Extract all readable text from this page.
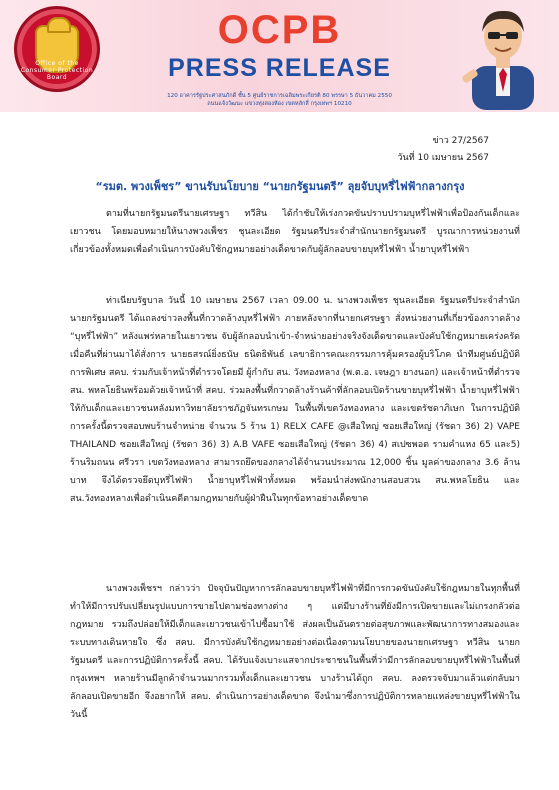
Office of the Consumer Protection Board
OCPB
PRESS RELEASE
120 อาคารรัฐประศาสนภักดี ชั้น 5 ศูนย์ราชการเฉลิมพระเกียรติ 80 พรรษา 5 ธันวาคม 2550
ถนนแจ้งวัฒนะ แขวงทุ่งสองห้อง เขตหลักสี่ กรุงเทพฯ 10210
ข่าว 27/2567
วันที่ 10 เมษายน 2567
“รมต. พวงเพ็ชร” ขานรับนโยบาย “นายกรัฐมนตรี” ลุยจับบุหรี่ไฟฟ้ากลางกรุง

ตามที่นายกรัฐมนตรีนายเศรษฐา ทวีสิน ได้กำชับให้เร่งกวดขันปราบปรามบุหรี่ไฟฟ้าเพื่อป้องกันเด็กและเยาวชน โดยมอบหมายให้นางพวงเพ็ชร ชุนละเอียด รัฐมนตรีประจำสำนักนายกรัฐมนตรี บูรณาการหน่วยงานที่เกี่ยวข้องทั้งหมดเพื่อดำเนินการบังคับใช้กฎหมายอย่างเด็ดขาดกับผู้ลักลอบขายบุหรี่ไฟฟ้า น้ำยาบุหรี่ไฟฟ้า

ท่าเนียบรัฐบาล วันนี้ 10 เมษายน 2567 เวลา 09.00 น. นางพวงเพ็ชร ชุนละเอียด รัฐมนตรีประจำสำนักนายกรัฐมนตรี ได้แถลงข่าวลงพื้นที่กวาดล้างบุหรี่ไฟฟ้า ภายหลังจากที่นายกเศรษฐา สั่งหน่วยงานที่เกี่ยวข้องกวาดล้าง “บุหรี่ไฟฟ้า” หลังแพร่หลายในเยาวชน จับผู้ลักลอบนำเข้า-จำหน่ายอย่างจริงจังเด็ดขาดและบังคับใช้กฎหมายเคร่งครัด เมื่อคืนที่ผ่านมาได้สั่งการ นายธสรณ์ยิ่งธนัษ ธนิตธิพันธ์ เลขาธิการคณะกรรมการคุ้มครองผู้บริโภค นำทีมศูนย์ปฏิบัติการพิเศษ สคบ. ร่วมกับเจ้าหน้าที่ตำรวจโดยมี ผู้กำกับ สน. วังทองหลาง (พ.ต.อ. เจษฎา ยางนอก) และเจ้าหน้าที่ตำรวจ สน. พหลโยธินพร้อมด้วยเจ้าหน้าที่ สคบ. ร่วมลงพื้นที่กวาดล้างร้านค้าที่ลักลอบเปิดร้านขายบุหรี่ไฟฟ้า น้ำยาบุหรี่ไฟฟ้าให้กับเด็กและเยาวชนหลังมหาวิทยาลัยราชภัฏจันทรเกษม ในพื้นที่เขตวังทองหลาง และเขตรัชดาภิเษก ในการปฏิบัติการครั้งนี้ตรวจสอบพบร้านจำหน่าย จำนวน 5 ร้าน 1) RELX CAFE @เสือใหญ่ ซอยเสือใหญ่ (รัชดา 36) 2) VAPE THAILAND ซอยเสือใหญ่ (รัชดา 36) 3) A.B VAFE ซอยเสือใหญ่ (รัชดา 36) 4) สเปซพอต รามคำแหง 65 และ5) ร้านริมถนน ศรีวรา เขตวังทองหลาง สามารถยึดของกลางได้จำนวนประมาณ 12,000 ชิ้น มูลค่าของกลาง 3.6 ล้านบาท จึงได้ตรวจยึดบุหรี่ไฟฟ้า น้ำยาบุหรี่ไฟฟ้าทั้งหมด พร้อมนำส่งพนักงานสอบสวน สน.พหลโยธิน และ สน.วังทองหลางเพื่อดำเนินคดีตามกฎหมายกับผู้ฝ่าฝืนในทุกข้อหาอย่างเด็ดขาด

นางพวงเพ็ชรฯ กล่าวว่า ปัจจุบันปัญหาการลักลอบขายบุหรี่ไฟฟ้าที่มีการกวดขันบังคับใช้กฎหมายในทุกพื้นที่ ทำให้มีการปรับเปลี่ยนรูปแบบการขายไปตามช่องทางต่าง ๆ แต่มีบางร้านที่ยังมีการเปิดขายและไม่เกรงกลัวต่อกฎหมาย รวมถึงปล่อยให้มีเด็กและเยาวชนเข้าไปซื้อมาใช้ ส่งผลเป็นอันตรายต่อสุขภาพและพัฒนาการทางสมองและระบบทางเดินหายใจ ซึ่ง สคบ. มีการบังคับใช้กฎหมายอย่างต่อเนื่องตามนโยบายของนายกเศรษฐา ทวีสิน นายกรัฐมนตรี และการปฏิบัติการครั้งนี้ สคบ. ได้รับแจ้งเบาะแสจากประชาชนในพื้นที่ว่ามีการลักลอบขายบุหรี่ไฟฟ้าในพื้นที่กรุงเทพฯ หลายร้านมีลูกค้าจำนวนมากรวมทั้งเด็กและเยาวชน บางร้านได้ถูก สคบ. ลงตรวจจับมาแล้วแต่กลับมาลักลอบเปิดขายอีก จึงอยากให้ สคบ. ดำเนินการอย่างเด็ดขาด จึงนำมาซึ่งการปฏิบัติการทลายแหล่งขายบุหรี่ไฟฟ้าในวันนี้
